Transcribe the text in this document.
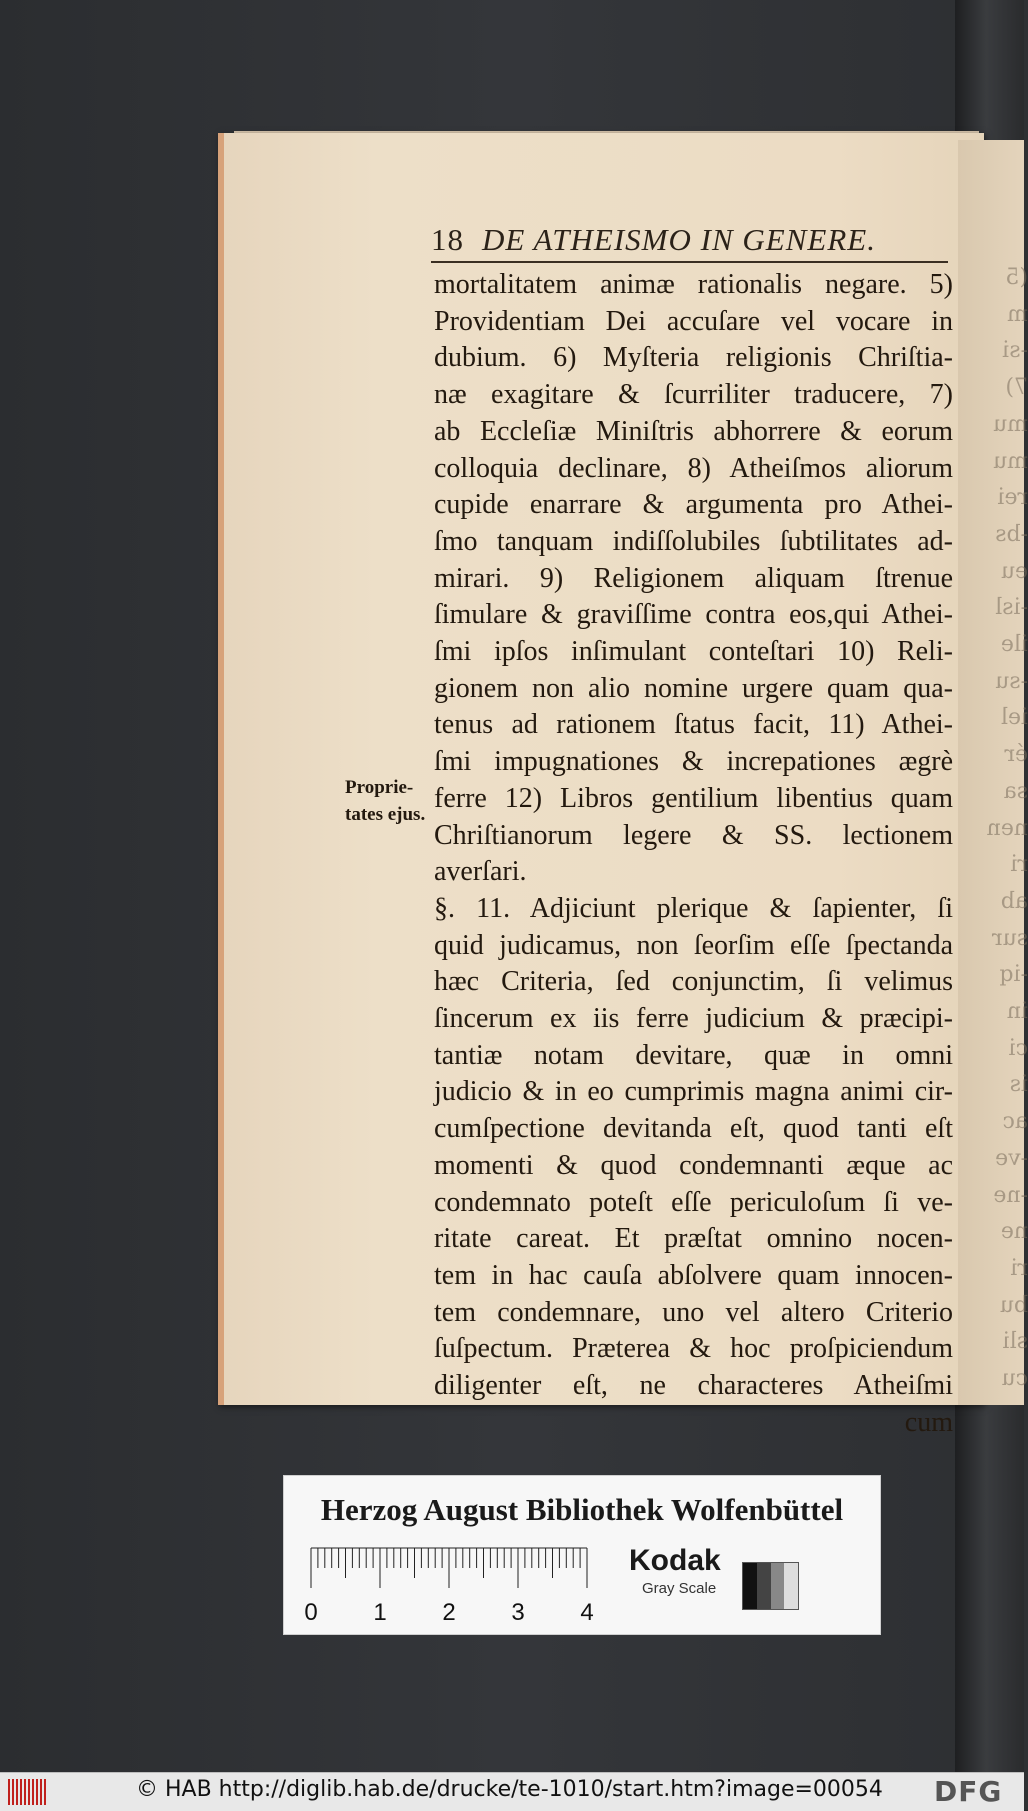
(5
m
-si
7)
mu
mu
rei
-bs
eu
-isl
ile
-su
iel
ér
sa
nen
ri
ab
sur
-iq
in
ci
is
ac
-ve
-ne
ne
ri
bu
sli
cu
18 DE ATHEISMO IN GENERE.
mortalitatem animæ rationalis negare. 5)
Providentiam Dei accuſare vel vocare in
dubium. 6) Myſteria religionis Chriſtia-
næ exagitare & ſcurriliter traducere, 7)
ab Eccleſiæ Miniſtris abhorrere & eorum
colloquia declinare, 8) Atheiſmos aliorum
cupide enarrare & argumenta pro Athei-
ſmo tanquam indiſſolubiles ſubtilitates ad-
mirari. 9) Religionem aliquam ſtrenue
ſimulare & graviſſime contra eos,qui Athei-
ſmi ipſos inſimulant conteſtari 10) Reli-
gionem non alio nomine urgere quam qua-
tenus ad rationem ſtatus facit, 11) Athei-
ſmi impugnationes & increpationes ægrè
ferre 12) Libros gentilium libentius quam
Chriſtianorum legere & SS. lectionem
averſari.
§. 11. Adjiciunt plerique & ſapienter, ſi
quid judicamus, non ſeorſim eſſe ſpectanda
hæc Criteria, ſed conjunctim, ſi velimus
ſincerum ex iis ferre judicium & præcipi-
tantiæ notam devitare, quæ in omni
judicio & in eo cumprimis magna animi cir-
cumſpectione devitanda eſt, quod tanti eſt
momenti & quod condemnanti æque ac
condemnato poteſt eſſe periculoſum ſi ve-
ritate careat. Et præſtat omnino nocen-
tem in hac cauſa abſolvere quam innocen-
tem condemnare, uno vel altero Criterio
ſuſpectum. Præterea & hoc proſpiciendum
diligenter eſt, ne characteres Atheiſmi
cum
Proprie-
tates ejus.
Herzog August Bibliothek Wolfenbüttel
0 1 2 3 4
Kodak
Gray Scale
© HAB http://diglib.hab.de/drucke/te-1010/start.htm?image=00054 DFG
